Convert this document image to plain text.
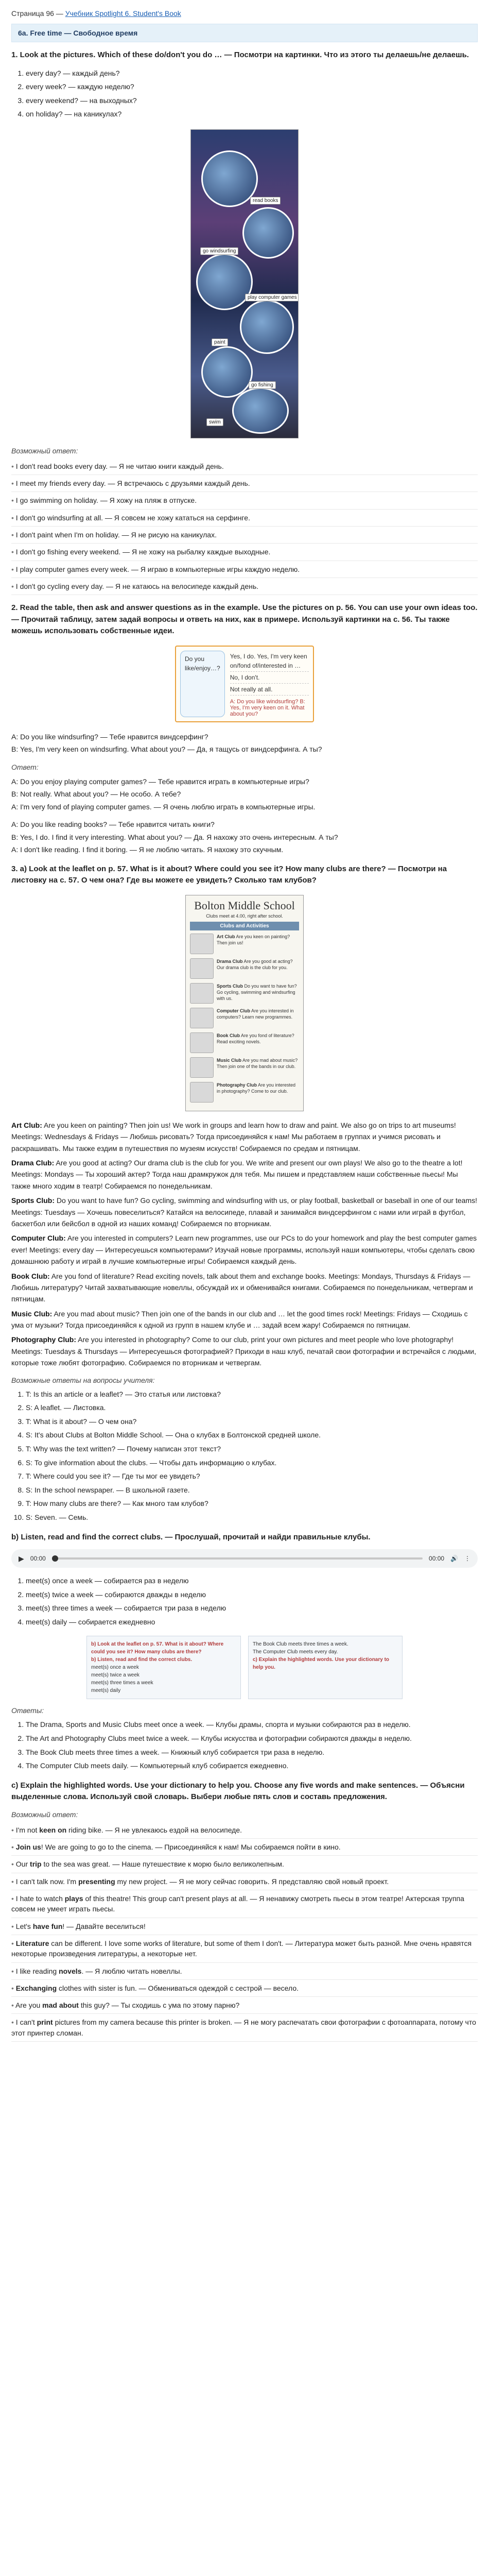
Страница 96 — Учебник Spotlight 6. Student's Book
6a. Free time — Свободное время
1. Look at the pictures. Which of these do/don't you do … — Посмотри на картинки. Что из этого ты делаешь/не делаешь.
1. every day? — каждый день?
2. every week? — каждую неделю?
3. every weekend? — на выходных?
4. on holiday? — на каникулах?
read books
go windsurfing
play computer games
paint
go fishing
swim
Возможный ответ:
• I don't read books every day. — Я не читаю книги каждый день.
• I meet my friends every day. — Я встречаюсь с друзьями каждый день.
• I go swimming on holiday. — Я хожу на пляж в отпуске.
• I don't go windsurfing at all. — Я совсем не хожу кататься на серфинге.
• I don't paint when I'm on holiday. — Я не рисую на каникулах.
• I don't go fishing every weekend. — Я не хожу на рыбалку каждые выходные.
• I play computer games every week. — Я играю в компьютерные игры каждую неделю.
• I don't go cycling every day. — Я не катаюсь на велосипеде каждый день.
2. Read the table, then ask and answer questions as in the example. Use the pictures on p. 56. You can use your own ideas too. — Прочитай таблицу, затем задай вопросы и ответь на них, как в примере. Используй картинки на с. 56. Ты также можешь использовать собственные идеи.
Do you like/enjoy…?
Yes, I do. Yes, I'm very keen on/fond of/interested in …
No, I don't.
Not really at all.
A: Do you like windsurfing? B: Yes, I'm very keen on it. What about you?
A: Do you like windsurfing? — Тебе нравится виндсерфинг?
B: Yes, I'm very keen on windsurfing. What about you? — Да, я тащусь от виндсерфинга. А ты?
Ответ:
A: Do you enjoy playing computer games? — Тебе нравится играть в компьютерные игры?
B: Not really. What about you? — Не особо. А тебе?
A: I'm very fond of playing computer games. — Я очень люблю играть в компьютерные игры.
A: Do you like reading books? — Тебе нравится читать книги?
B: Yes, I do. I find it very interesting. What about you? — Да. Я нахожу это очень интересным. А ты?
A: I don't like reading. I find it boring. — Я не люблю читать. Я нахожу это скучным.
3. a) Look at the leaflet on p. 57. What is it about? Where could you see it? How many clubs are there? — Посмотри на листовку на с. 57. О чем она? Где вы можете ее увидеть? Сколько там клубов?
Bolton Middle School
Clubs meet at 4.00, right after school.
Clubs and Activities
Art Club Are you keen on painting? Then join us!
Drama Club Are you good at acting? Our drama club is the club for you.
Sports Club Do you want to have fun? Go cycling, swimming and windsurfing with us.
Computer Club Are you interested in computers? Learn new programmes.
Book Club Are you fond of literature? Read exciting novels.
Music Club Are you mad about music? Then join one of the bands in our club.
Photography Club Are you interested in photography? Come to our club.

Art Club: Are you keen on painting? Then join us! We work in groups and learn how to draw and paint. We also go on trips to art museums! Meetings: Wednesdays & Fridays — Любишь рисовать? Тогда присоединяйся к нам! Мы работаем в группах и учимся рисовать и раскрашивать. Мы также ездим в путешествия по музеям искусств! Собираемся по средам и пятницам.

Drama Club: Are you good at acting? Our drama club is the club for you. We write and present our own plays! We also go to the theatre a lot! Meetings: Mondays — Ты хороший актер? Тогда наш драмкружок для тебя. Мы пишем и представляем наши собственные пьесы! Мы также много ходим в театр! Собираемся по понедельникам.

Sports Club: Do you want to have fun? Go cycling, swimming and windsurfing with us, or play football, basketball or baseball in one of our teams! Meetings: Tuesdays — Хочешь повеселиться? Катайся на велосипеде, плавай и занимайся виндсерфингом с нами или играй в футбол, баскетбол или бейсбол в одной из наших команд! Собираемся по вторникам.

Computer Club: Are you interested in computers? Learn new programmes, use our PCs to do your homework and play the best computer games ever! Meetings: every day — Интересуешься компьютерами? Изучай новые программы, используй наши компьютеры, чтобы сделать свою домашнюю работу и играй в лучшие компьютерные игры! Собираемся каждый день.

Book Club: Are you fond of literature? Read exciting novels, talk about them and exchange books. Meetings: Mondays, Thursdays & Fridays — Любишь литературу? Читай захватывающие новеллы, обсуждай их и обменивайся книгами. Собираемся по понедельникам, четвергам и пятницам.

Music Club: Are you mad about music? Then join one of the bands in our club and … let the good times rock! Meetings: Fridays — Сходишь с ума от музыки? Тогда присоединяйся к одной из групп в нашем клубе и … задай всем жару! Собираемся по пятницам.

Photography Club: Are you interested in photography? Come to our club, print your own pictures and meet people who love photography! Meetings: Tuesdays & Thursdays — Интересуешься фотографией? Приходи в наш клуб, печатай свои фотографии и встречайся с людьми, которые тоже любят фотографию. Собираемся по вторникам и четвергам.

Возможные ответы на вопросы учителя:
1. T: Is this an article or a leaflet? — Это статья или листовка?
2. S: A leaflet. — Листовка.
3. T: What is it about? — О чем она?
4. S: It's about Clubs at Bolton Middle School. — Она о клубах в Болтонской средней школе.
5. T: Why was the text written? — Почему написан этот текст?
6. S: To give information about the clubs. — Чтобы дать информацию о клубах.
7. T: Where could you see it? — Где ты мог ее увидеть?
8. S: In the school newspaper. — В школьной газете.
9. T: How many clubs are there? — Как много там клубов?
10. S: Seven. — Семь.
b) Listen, read and find the correct clubs. — Прослушай, прочитай и найди правильные клубы.
▶ 00:00	00:00 🔊 ⋮
1. meet(s) once a week — собирается раз в неделю
2. meet(s) twice a week — собираются дважды в неделю
3. meet(s) three times a week — собирается три раза в неделю
4. meet(s) daily — собирается ежедневно
b) Look at the leaflet on p. 57. What is it about? Where could you see it? How many clubs are there?
b) Listen, read and find the correct clubs.
meet(s) once a week
meet(s) twice a week
meet(s) three times a week
meet(s) daily
The Book Club meets three times a week.
The Computer Club meets every day.
c) Explain the highlighted words. Use your dictionary to help you.
Ответы:
1. The Drama, Sports and Music Clubs meet once a week. — Клубы драмы, спорта и музыки собираются раз в неделю.
2. The Art and Photography Clubs meet twice a week. — Клубы искусства и фотографии собираются дважды в неделю.
3. The Book Club meets three times a week. — Книжный клуб собирается три раза в неделю.
4. The Computer Club meets daily. — Компьютерный клуб собирается ежедневно.
c) Explain the highlighted words. Use your dictionary to help you. Choose any five words and make sentences. — Объясни выделенные слова. Используй свой словарь. Выбери любые пять слов и составь предложения.
Возможный ответ:
• I'm not keen on riding bike. — Я не увлекаюсь ездой на велосипеде.
• Join us! We are going to go to the cinema. — Присоединяйся к нам! Мы собираемся пойти в кино.
• Our trip to the sea was great. — Наше путешествие к морю было великолепным.
• I can't talk now. I'm presenting my new project. — Я не могу сейчас говорить. Я представляю свой новый проект.
• I hate to watch plays of this theatre! This group can't present plays at all. — Я ненавижу смотреть пьесы в этом театре! Актерская труппа совсем не умеет играть пьесы.
• Let's have fun! — Давайте веселиться!
• Literature can be different. I love some works of literature, but some of them I don't. — Литература может быть разной. Мне очень нравятся некоторые произведения литературы, а некоторые нет.
• I like reading novels. — Я люблю читать новеллы.
• Exchanging clothes with sister is fun. — Обмениваться одеждой с сестрой — весело.
• Are you mad about this guy? — Ты сходишь с ума по этому парню?
• I can't print pictures from my camera because this printer is broken. — Я не могу распечатать свои фотографии с фотоаппарата, потому что этот принтер сломан.
